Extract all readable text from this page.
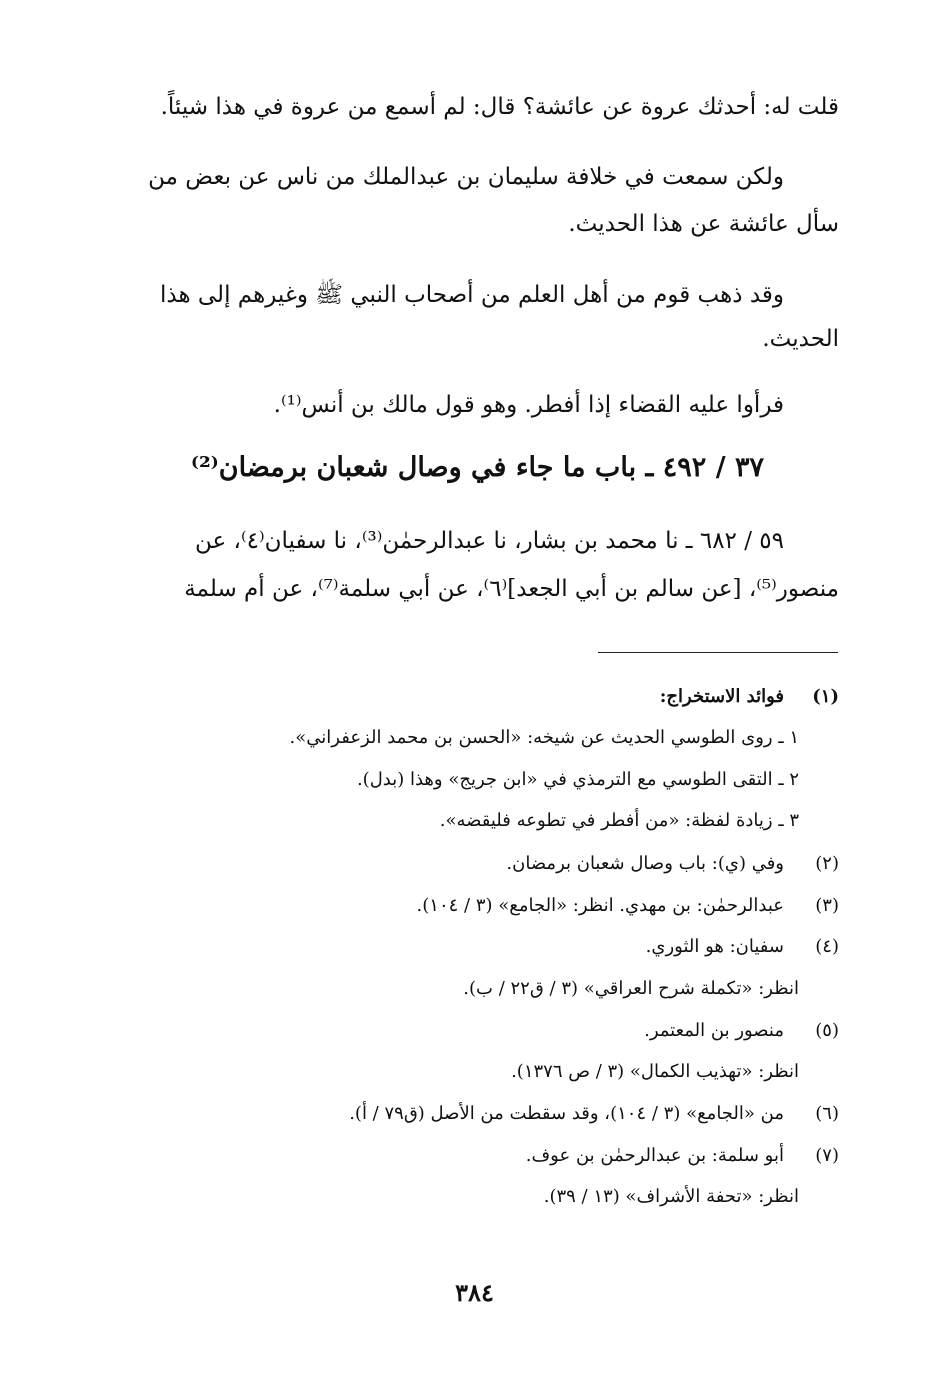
قلت له: أحدثك عروة عن عائشة؟ قال: لم أسمع من عروة في هذا شيئاً.
ولكن سمعت في خلافة سليمان بن عبدالملك من ناس عن بعض من
سأل عائشة عن هذا الحديث.
وقد ذهب قوم من أهل العلم من أصحاب النبي ﷺ وغيرهم إلى هذا
الحديث.
فرأوا عليه القضاء إذا أفطر. وهو قول مالك بن أنس⁽¹⁾.
٣٧ / ٤٩٢ ـ باب ما جاء في وصال شعبان برمضان⁽²⁾
٥٩ / ٦٨٢ ـ نا محمد بن بشار، نا عبدالرحمٰن⁽³⁾، نا سفيان⁽٤⁾، عن
منصور⁽⁵⁾، [عن سالم بن أبي الجعد]⁽٦⁾، عن أبي سلمة⁽⁷⁾، عن أم سلمة
(١)
فوائد الاستخراج:
١ ـ روى الطوسي الحديث عن شيخه: «الحسن بن محمد الزعفراني».
٢ ـ التقى الطوسي مع الترمذي في «ابن جريج» وهذا (بدل).
٣ ـ زيادة لفظة: «من أفطر في تطوعه فليقضه».
(٢)
وفي (ي): باب وصال شعبان برمضان.
(٣)
عبدالرحمٰن: بن مهدي. انظر: «الجامع» (٣ / ١٠٤).
(٤)
سفيان: هو الثوري.
انظر: «تكملة شرح العراقي» (٣ / ق٢٢ / ب).
(٥)
منصور بن المعتمر.
انظر: «تهذيب الكمال» (٣ / ص ١٣٧٦).
(٦)
من «الجامع» (٣ / ١٠٤)، وقد سقطت من الأصل (ق٧٩ / أ).
(٧)
أبو سلمة: بن عبدالرحمٰن بن عوف.
انظر: «تحفة الأشراف» (١٣ / ٣٩).
٣٨٤
